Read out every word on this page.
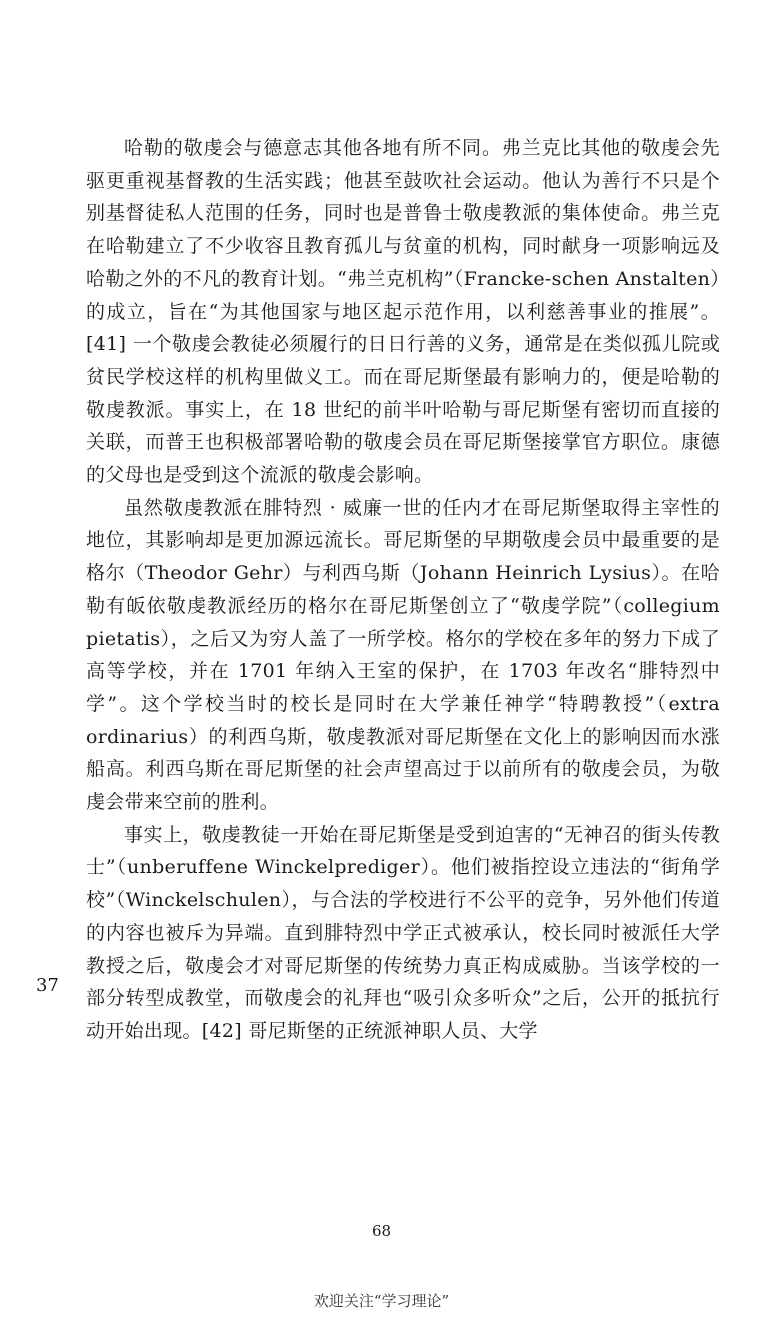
哈勒的敬虔会与德意志其他各地有所不同。弗兰克比其他的敬虔会先驱更重视基督教的生活实践；他甚至鼓吹社会运动。他认为善行不只是个别基督徒私人范围的任务，同时也是普鲁士敬虔教派的集体使命。弗兰克在哈勒建立了不少收容且教育孤儿与贫童的机构，同时献身一项影响远及哈勒之外的不凡的教育计划。“弗兰克机构”（Francke-schen Anstalten）的成立，旨在“为其他国家与地区起示范作用，以利慈善事业的推展”。[41] 一个敬虔会教徒必须履行的日日行善的义务，通常是在类似孤儿院或贫民学校这样的机构里做义工。而在哥尼斯堡最有影响力的，便是哈勒的敬虔教派。事实上，在 18 世纪的前半叶哈勒与哥尼斯堡有密切而直接的关联，而普王也积极部署哈勒的敬虔会员在哥尼斯堡接掌官方职位。康德的父母也是受到这个流派的敬虔会影响。

虽然敬虔教派在腓特烈 · 威廉一世的任内才在哥尼斯堡取得主宰性的地位，其影响却是更加源远流长。哥尼斯堡的早期敬虔会员中最重要的是格尔（Theodor Gehr）与利西乌斯（Johann Heinrich Lysius）。在哈勒有皈依敬虔教派经历的格尔在哥尼斯堡创立了“敬虔学院”（collegium pietatis），之后又为穷人盖了一所学校。格尔的学校在多年的努力下成了高等学校，并在 1701 年纳入王室的保护，在 1703 年改名“腓特烈中学”。这个学校当时的校长是同时在大学兼任神学“特聘教授”（extra ordinarius）的利西乌斯，敬虔教派对哥尼斯堡在文化上的影响因而水涨船高。利西乌斯在哥尼斯堡的社会声望高过于以前所有的敬虔会员，为敬虔会带来空前的胜利。

事实上，敬虔教徒一开始在哥尼斯堡是受到迫害的“无神召的街头传教士”（unberuffene Winckelprediger）。他们被指控设立违法的“街角学校”（Winckelschulen），与合法的学校进行不公平的竞争，另外他们传道的内容也被斥为异端。直到腓特烈中学正式被承认，校长同时被派任大学教授之后，敬虔会才对哥尼斯堡的传统势力真正构成威胁。当该学校的一部分转型成教堂，而敬虔会的礼拜也“吸引众多听众”之后，公开的抵抗行动开始出现。[42] 哥尼斯堡的正统派神职人员、大学

37
68
欢迎关注“学习理论”
